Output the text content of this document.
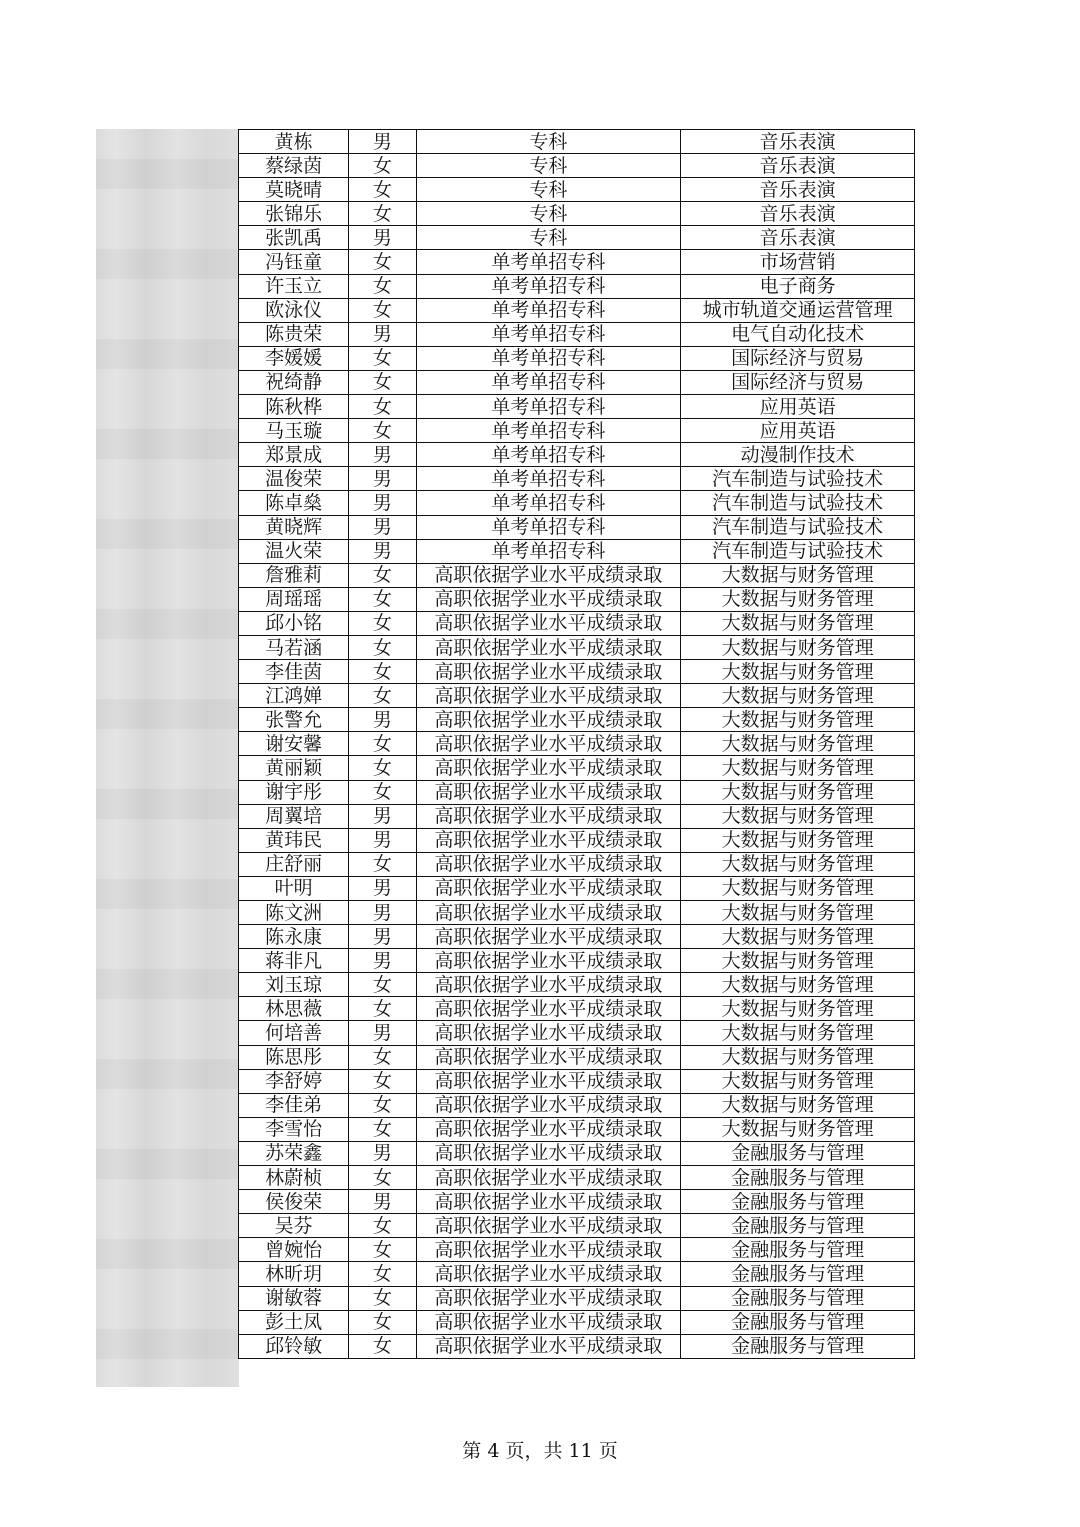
黄栋	男	专科	音乐表演
蔡绿茵	女	专科	音乐表演
莫晓晴	女	专科	音乐表演
张锦乐	女	专科	音乐表演
张凯禹	男	专科	音乐表演
冯钰童	女	单考单招专科	市场营销
许玉立	女	单考单招专科	电子商务
欧泳仪	女	单考单招专科	城市轨道交通运营管理
陈贵荣	男	单考单招专科	电气自动化技术
李媛媛	女	单考单招专科	国际经济与贸易
祝绮静	女	单考单招专科	国际经济与贸易
陈秋桦	女	单考单招专科	应用英语
马玉璇	女	单考单招专科	应用英语
郑景成	男	单考单招专科	动漫制作技术
温俊荣	男	单考单招专科	汽车制造与试验技术
陈卓燊	男	单考单招专科	汽车制造与试验技术
黄晓辉	男	单考单招专科	汽车制造与试验技术
温火荣	男	单考单招专科	汽车制造与试验技术
詹雅莉	女	高职依据学业水平成绩录取	大数据与财务管理
周瑶瑶	女	高职依据学业水平成绩录取	大数据与财务管理
邱小铭	女	高职依据学业水平成绩录取	大数据与财务管理
马若涵	女	高职依据学业水平成绩录取	大数据与财务管理
李佳茵	女	高职依据学业水平成绩录取	大数据与财务管理
江鸿婵	女	高职依据学业水平成绩录取	大数据与财务管理
张警允	男	高职依据学业水平成绩录取	大数据与财务管理
谢安馨	女	高职依据学业水平成绩录取	大数据与财务管理
黄丽颖	女	高职依据学业水平成绩录取	大数据与财务管理
谢宇彤	女	高职依据学业水平成绩录取	大数据与财务管理
周翼培	男	高职依据学业水平成绩录取	大数据与财务管理
黄玮民	男	高职依据学业水平成绩录取	大数据与财务管理
庄舒丽	女	高职依据学业水平成绩录取	大数据与财务管理
叶明	男	高职依据学业水平成绩录取	大数据与财务管理
陈文洲	男	高职依据学业水平成绩录取	大数据与财务管理
陈永康	男	高职依据学业水平成绩录取	大数据与财务管理
蒋非凡	男	高职依据学业水平成绩录取	大数据与财务管理
刘玉琼	女	高职依据学业水平成绩录取	大数据与财务管理
林思薇	女	高职依据学业水平成绩录取	大数据与财务管理
何培善	男	高职依据学业水平成绩录取	大数据与财务管理
陈思彤	女	高职依据学业水平成绩录取	大数据与财务管理
李舒婷	女	高职依据学业水平成绩录取	大数据与财务管理
李佳弟	女	高职依据学业水平成绩录取	大数据与财务管理
李雪怡	女	高职依据学业水平成绩录取	大数据与财务管理
苏荣鑫	男	高职依据学业水平成绩录取	金融服务与管理
林蔚桢	女	高职依据学业水平成绩录取	金融服务与管理
侯俊荣	男	高职依据学业水平成绩录取	金融服务与管理
吴芬	女	高职依据学业水平成绩录取	金融服务与管理
曾婉怡	女	高职依据学业水平成绩录取	金融服务与管理
林昕玥	女	高职依据学业水平成绩录取	金融服务与管理
谢敏蓉	女	高职依据学业水平成绩录取	金融服务与管理
彭土凤	女	高职依据学业水平成绩录取	金融服务与管理
邱铃敏	女	高职依据学业水平成绩录取	金融服务与管理
第 4 页，共 11 页
